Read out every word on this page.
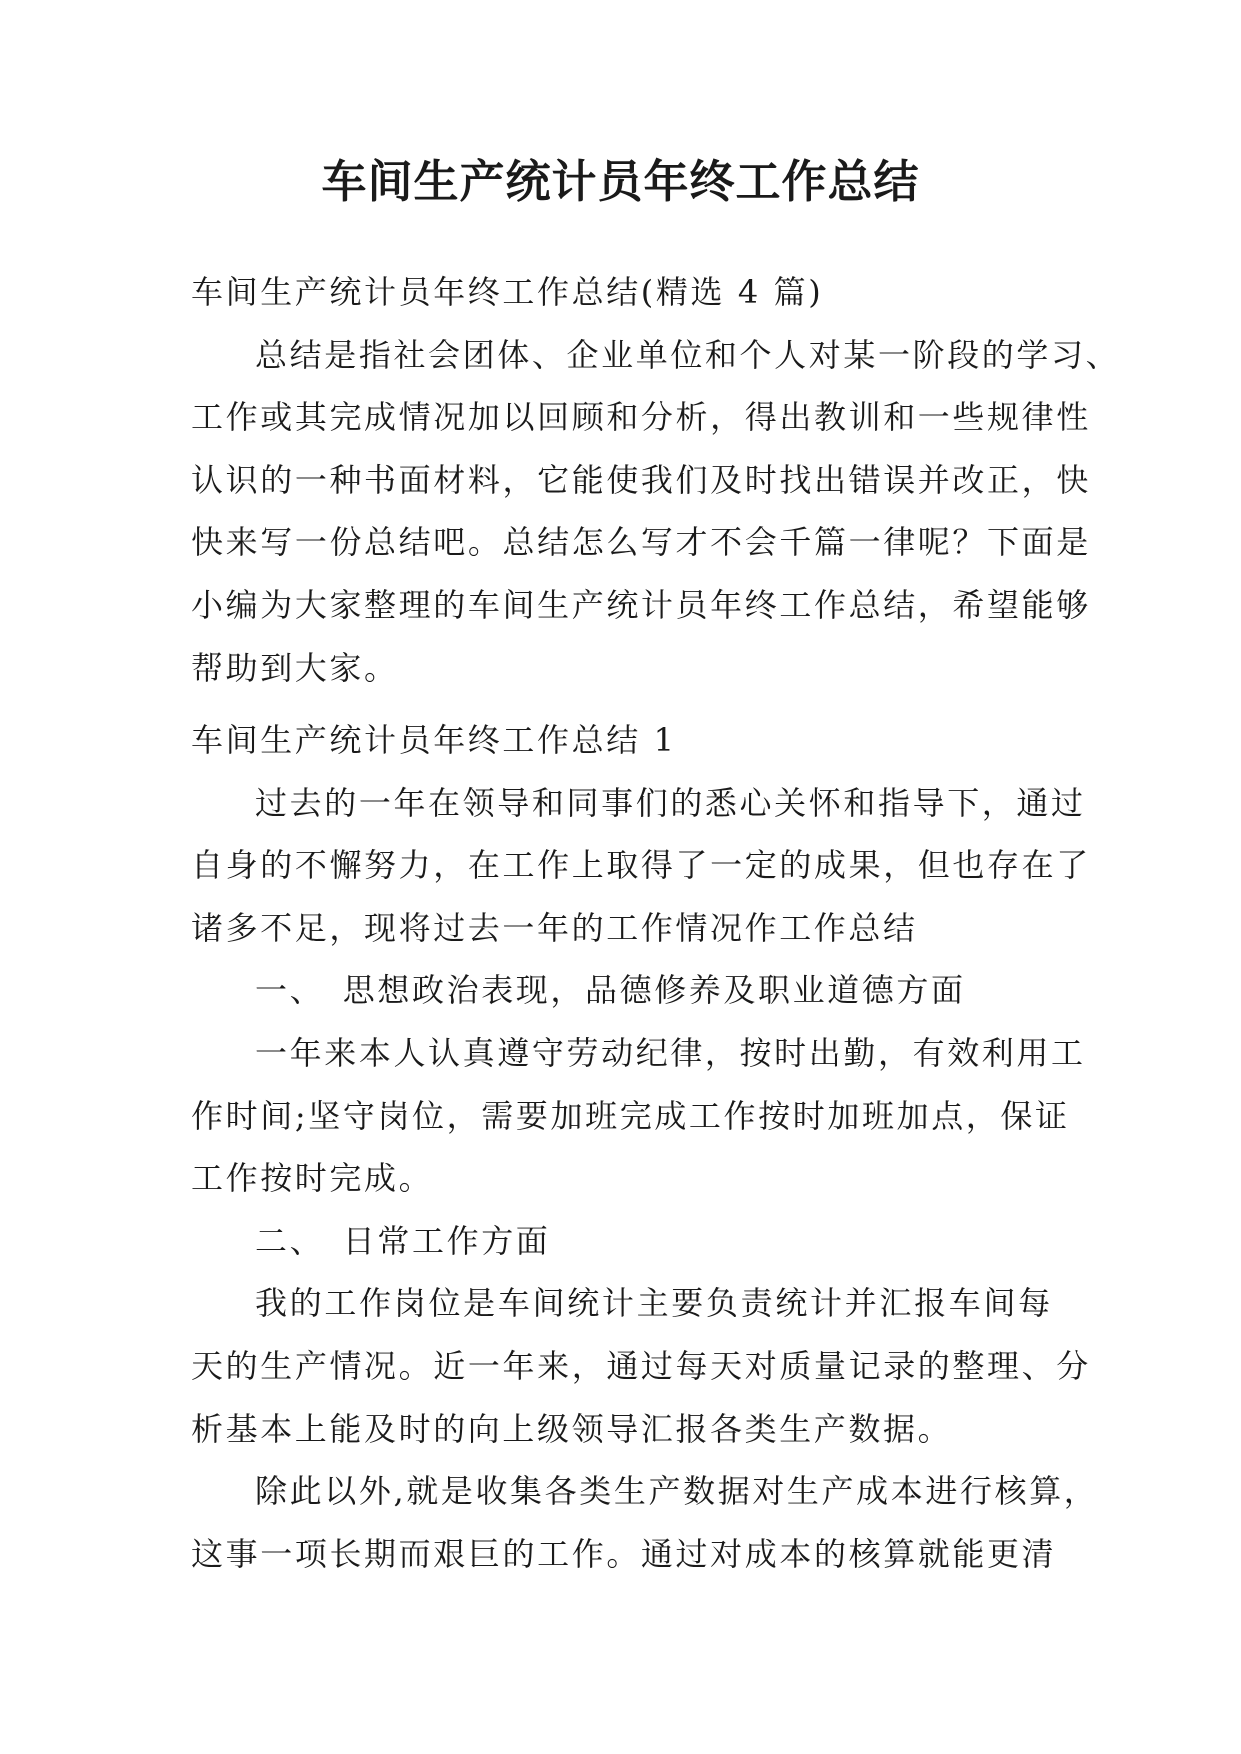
车间生产统计员年终工作总结

车间生产统计员年终工作总结(精选 4 篇)

总 结 是 指 社 会 团 体 、 企 业 单 位 和 个 人 对 某 一 阶 段 的 学 习 、

工 作 或 其 完 成 情 况 加 以 回 顾 和 分 析 ， 得 出 教 训 和 一 些 规 律 性

认 识 的 一 种 书 面 材 料 ， 它 能 使 我 们 及 时 找 出 错 误 并 改 正 ， 快

快 来 写 一 份 总 结 吧 。 总 结 怎 么 写 才 不 会 千 篇 一 律 呢 ？ 下 面 是

小 编 为 大 家 整 理 的 车 间 生 产 统 计 员 年 终 工 作 总 结 ， 希 望 能 够

帮助到大家。

车间生产统计员年终工作总结 1

过 去 的 一 年 在 领 导 和 同 事 们 的 悉 心 关 怀 和 指 导 下 ， 通 过

自 身 的 不 懈 努 力 ， 在 工 作 上 取 得 了 一 定 的 成 果 ， 但 也 存 在 了

诸多不足，现将过去一年的工作情况作工作总结

一、　思想政治表现，品德修养及职业道德方面

一 年 来 本 人 认 真 遵 守 劳 动 纪 律 ， 按 时 出 勤 ， 有 效 利 用 工

作 时 间 ; 坚 守 岗 位 ， 需 要 加 班 完 成 工 作 按 时 加 班 加 点 ， 保 证

工作按时完成。

二、　日常工作方面

我 的 工 作 岗 位 是 车 间 统 计 主 要 负 责 统 计 并 汇 报 车 间 每

天 的 生 产 情 况 。 近 一 年 来 ， 通 过 每 天 对 质 量 记 录 的 整 理 、 分

析基本上能及时的向上级领导汇报各类生产数据。

除 此 以 外 , 就 是 收 集 各 类 生 产 数 据 对 生 产 成 本 进 行 核 算 ，

这 事 一 项 长 期 而 艰 巨 的 工 作 。 通 过 对 成 本 的 核 算 就 能 更 清
